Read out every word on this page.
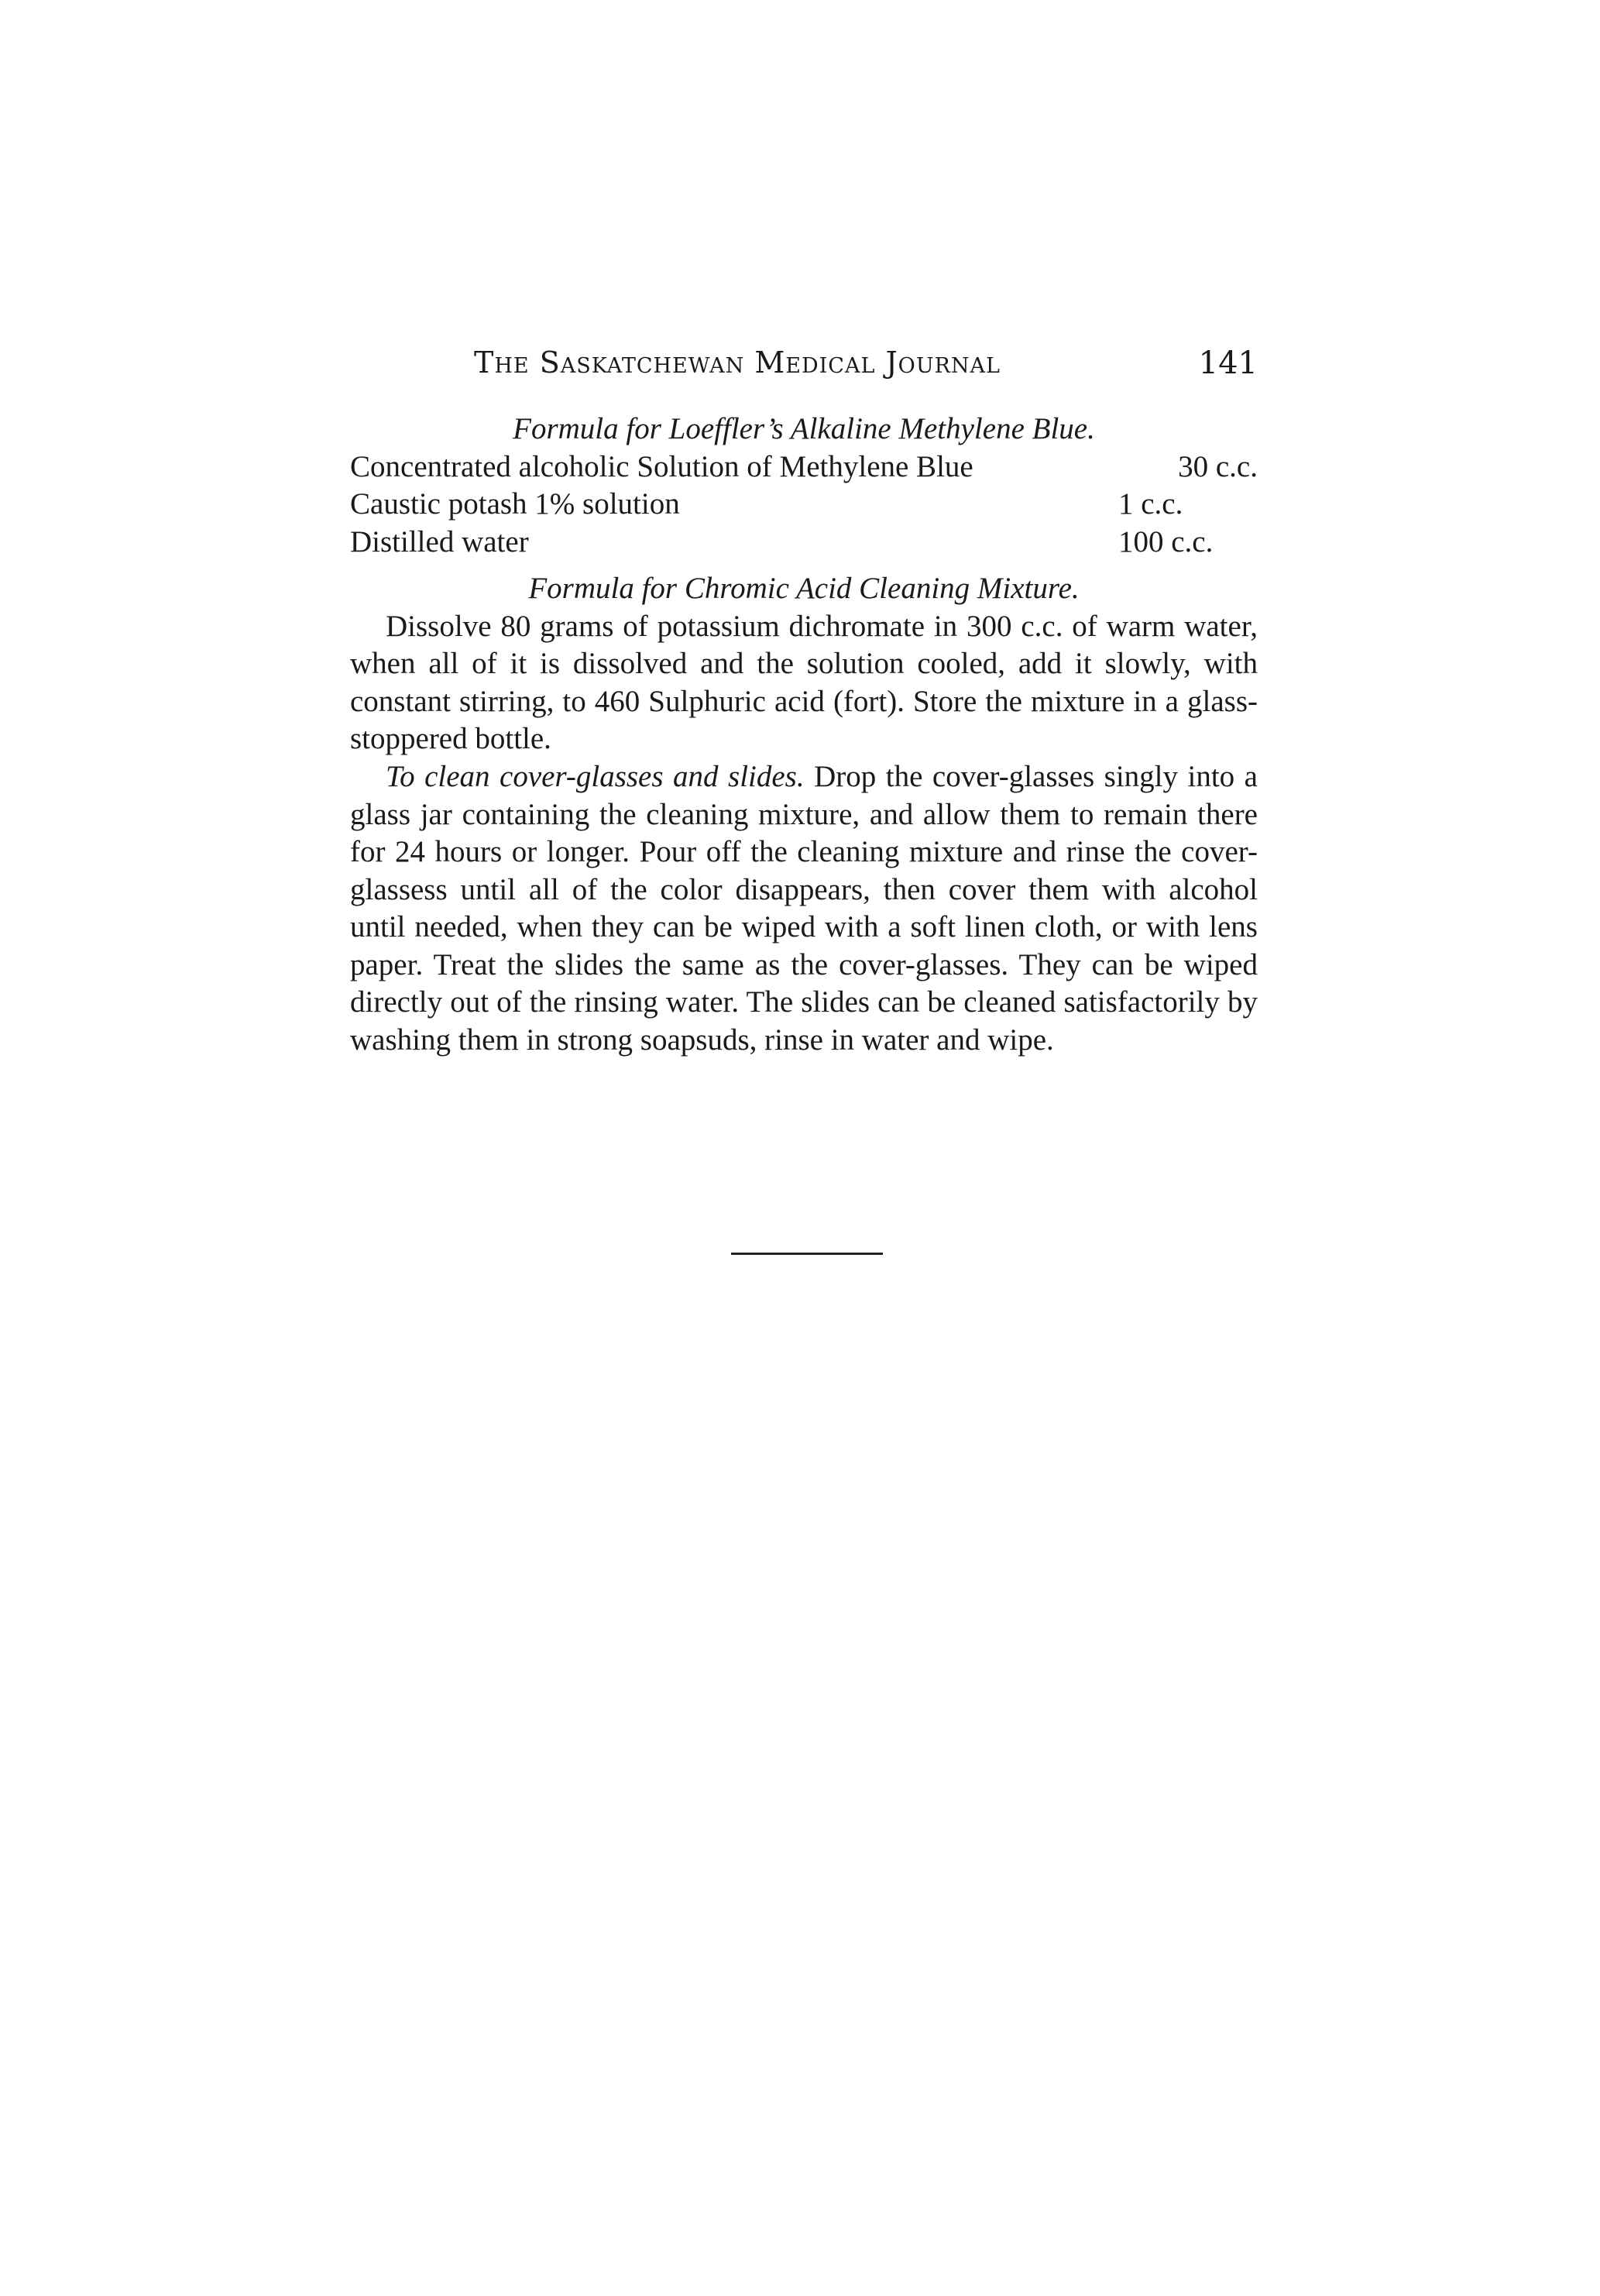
The Saskatchewan Medical Journal	141
Formula for Loeffler’s Alkaline Methylene Blue.
Concentrated alcoholic Solution of Methylene Blue	30 c.c.
Caustic potash 1% solution	1 c.c.
Distilled water	100 c.c.
Formula for Chromic Acid Cleaning Mixture.

Dissolve 80 grams of potassium dichromate in 300 c.c. of warm water, when all of it is dissolved and the solution cooled, add it slowly, with constant stirring, to 460 Sulphuric acid (fort). Store the mixture in a glass-stoppered bottle.

To clean cover-glasses and slides. Drop the cover-glasses singly into a glass jar containing the cleaning mixture, and allow them to remain there for 24 hours or longer. Pour off the cleaning mixture and rinse the cover-glassess until all of the color disappears, then cover them with alcohol until needed, when they can be wiped with a soft linen cloth, or with lens paper. Treat the slides the same as the cover-glasses. They can be wiped directly out of the rinsing water. The slides can be cleaned satisfactorily by washing them in strong soapsuds, rinse in water and wipe.
